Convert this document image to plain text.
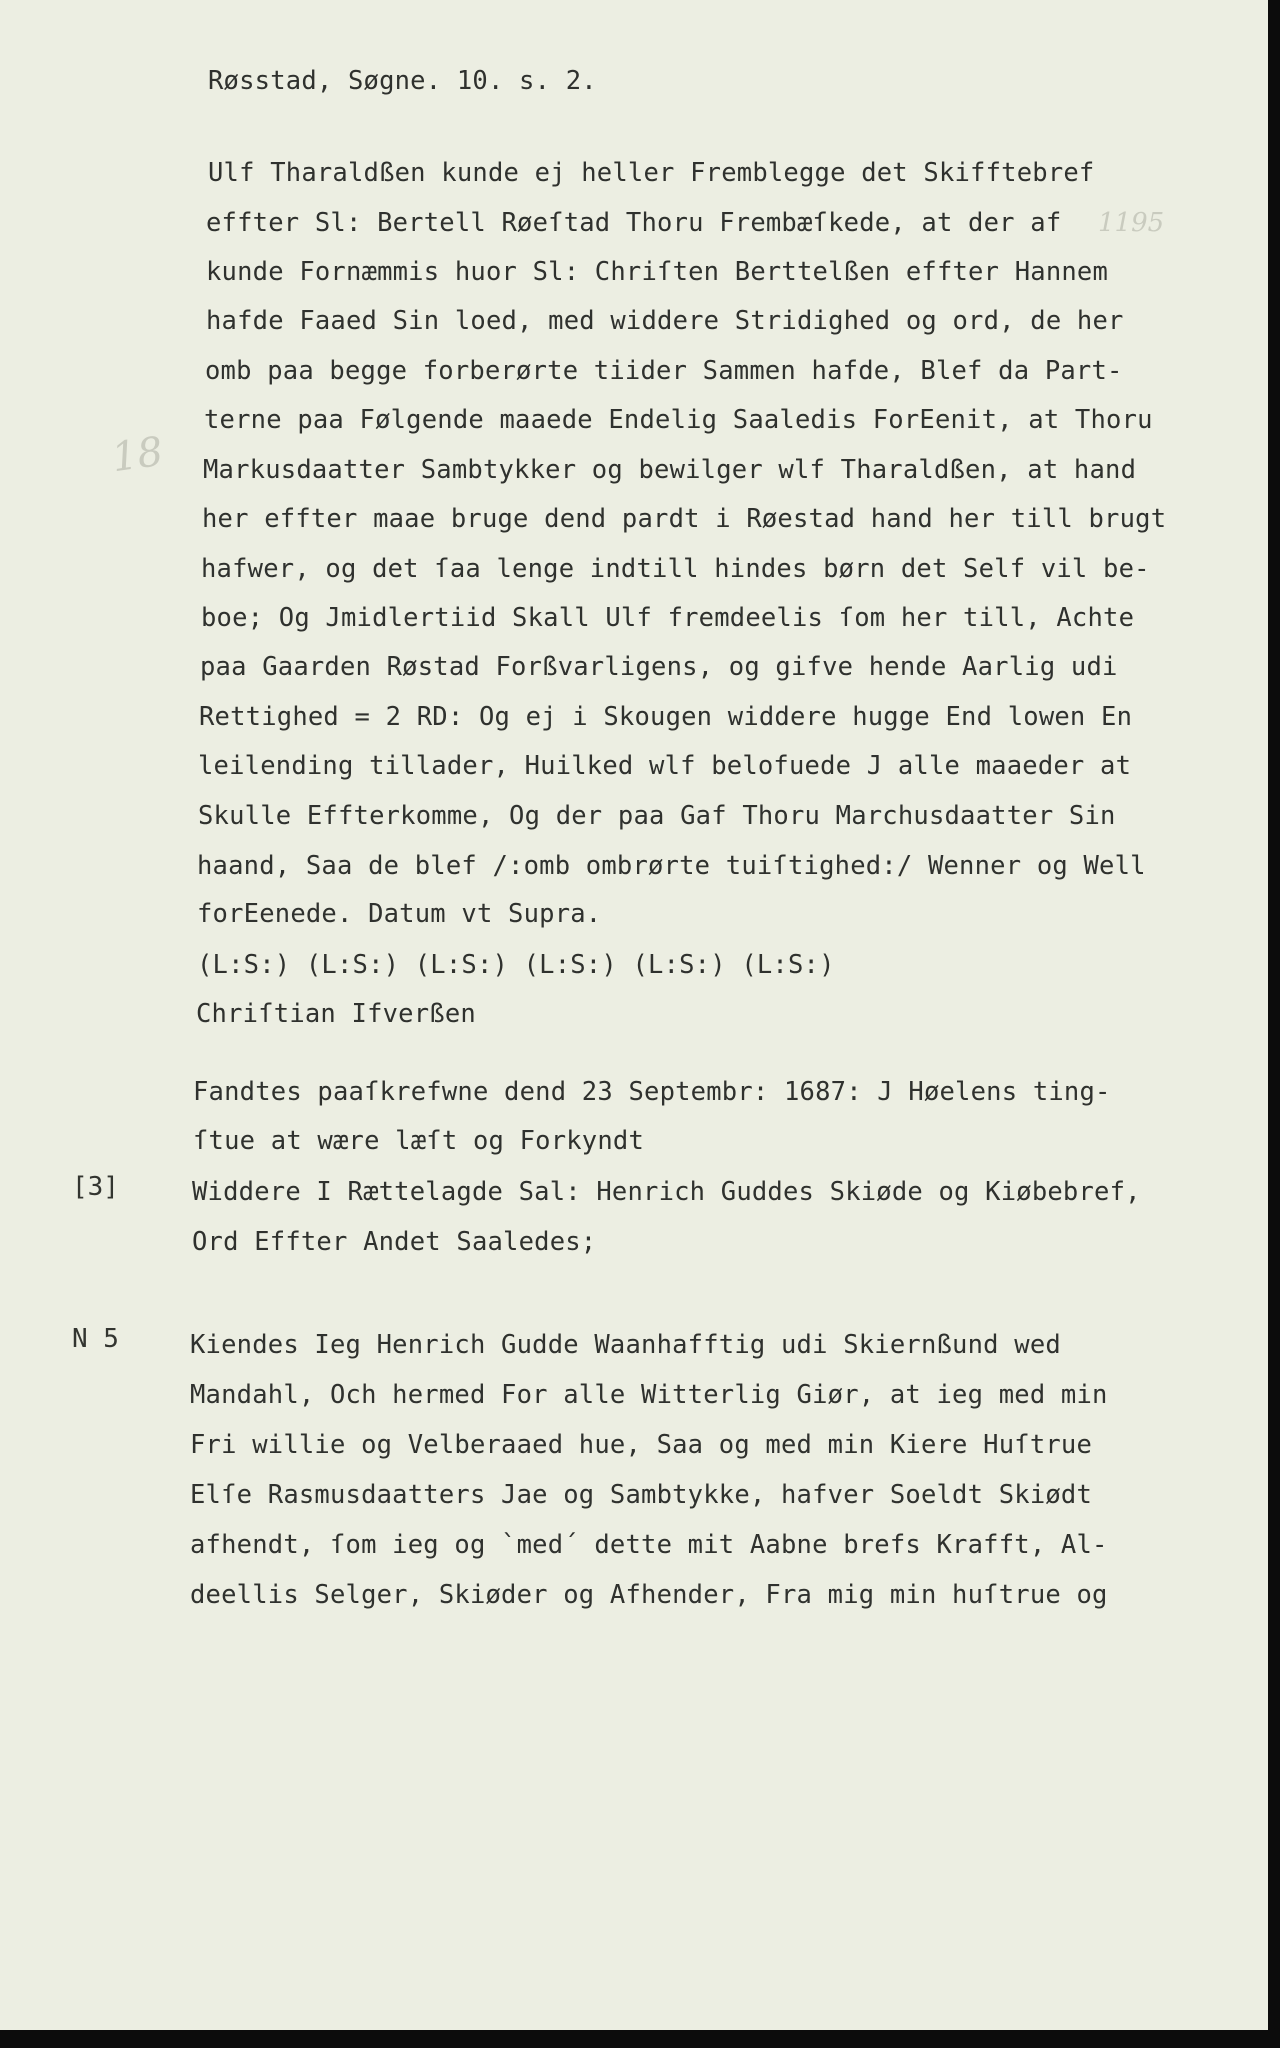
Røsstad, Søgne. 10. s. 2.
1195
18
Ulf Tharaldßen kunde ej heller Fremblegge det Skifftebref
effter Sl: Bertell Røeſtad Thoru Frembæſkede, at der af
kunde Fornæmmis huor Sl: Chriſten Berttelßen effter Hannem
hafde Faaed Sin loed, med widdere Stridighed og ord, de her
omb paa begge forberørte tiider Sammen hafde, Blef da Part-
terne paa Følgende maaede Endelig Saaledis ForEenit, at Thoru
Markusdaatter Sambtykker og bewilger wlf Tharaldßen, at hand
her effter maae bruge dend pardt i Røestad hand her till brugt
hafwer, og det ſaa lenge indtill hindes børn det Self vil be-
boe; Og Jmidlertiid Skall Ulf fremdeelis ſom her till, Achte
paa Gaarden Røstad Forßvarligens, og gifve hende Aarlig udi
Rettighed = 2 RD: Og ej i Skougen widdere hugge End lowen En
leilending tillader, Huilked wlf belofuede J alle maaeder at
Skulle Effterkomme, Og der paa Gaf Thoru Marchusdaatter Sin
haand, Saa de blef /:omb ombrørte tuiſtighed:/ Wenner og Well
forEenede. Datum vt Supra.
(L:S:) (L:S:) (L:S:) (L:S:) (L:S:) (L:S:)
Chriſtian Ifverßen
Fandtes paaſkrefwne dend 23 Septembr: 1687: J Høelens ting-
ſtue at wære læſt og Forkyndt
[3]	Widdere I Rættelagde Sal: Henrich Guddes Skiøde og Kiøbebref,
Ord Effter Andet Saaledes;
N 5	Kiendes Ieg Henrich Gudde Waanhafftig udi Skiernßund wed
Mandahl, Och hermed For alle Witterlig Giør, at ieg med min
Fri willie og Velberaaed hue, Saa og med min Kiere Huſtrue
Elſe Rasmusdaatters Jae og Sambtykke, hafver Soeldt Skiødt
afhendt, ſom ieg og `med´ dette mit Aabne brefs Krafft, Al-
deellis Selger, Skiøder og Afhender, Fra mig min huſtrue og
